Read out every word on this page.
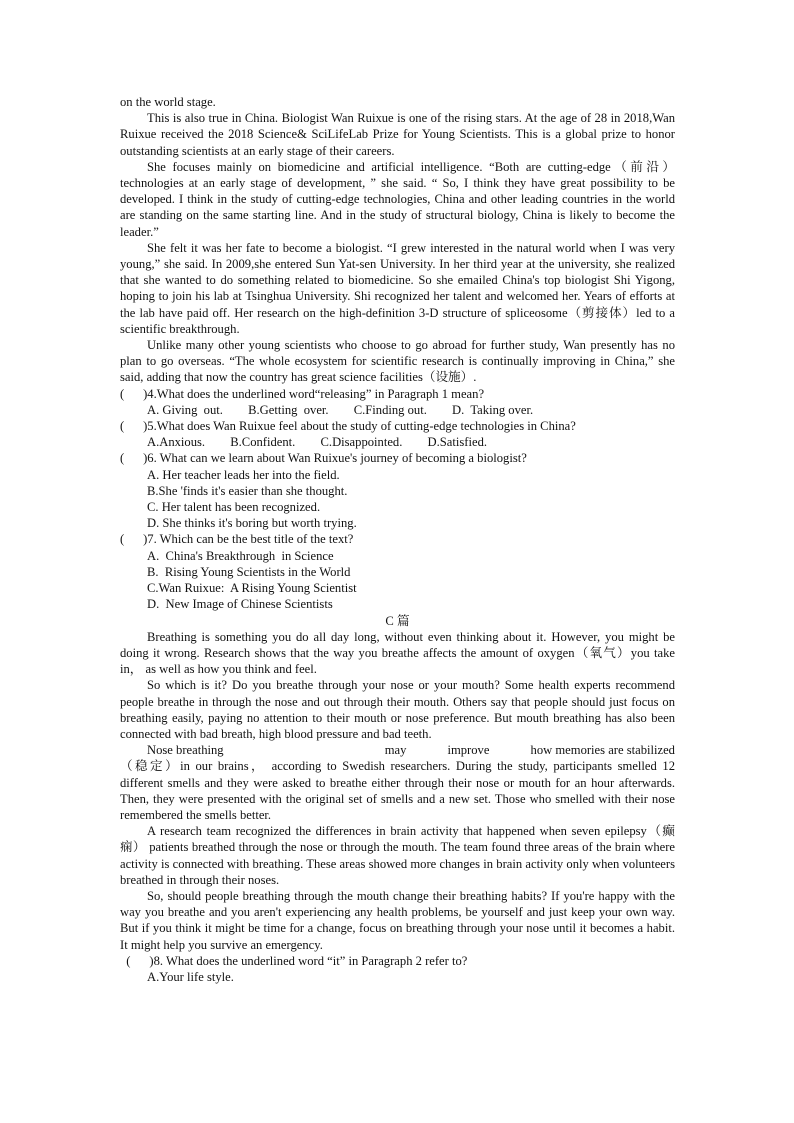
on the world stage.

This is also true in China. Biologist Wan Ruixue is one of the rising stars. At the age of 28 in 2018,Wan Ruixue received the 2018 Science& SciLifeLab Prize for Young Scientists. This is a global prize to honor outstanding scientists at an early stage of their careers.

She focuses mainly on biomedicine and artificial intelligence. “Both are cutting-edge（前沿）technologies at an early stage of development, ” she said. “ So, I think they have great possibility to be developed. I think in the study of cutting-edge technologies, China and other leading countries in the world are standing on the same starting line. And in the study of structural biology, China is likely to become the leader.”

She felt it was her fate to become a biologist. “I grew interested in the natural world when I was very young,” she said. In 2009,she entered Sun Yat-sen University. In her third year at the university, she realized that she wanted to do something related to biomedicine. So she emailed China's top biologist Shi Yigong, hoping to join his lab at Tsinghua University. Shi recognized her talent and welcomed her. Years of efforts at the lab have paid off. Her research on the high-definition 3-D structure of spliceosome（剪接体）led to a scientific breakthrough.

Unlike many other young scientists who choose to go abroad for further study, Wan presently has no plan to go overseas. “The whole ecosystem for scientific research is continually improving in China,” she said, adding that now the country has great science facilities（设施）.

(      )4.What does the underlined word“releasing” in Paragraph 1 mean?

A. Giving  out.        B.Getting  over.        C.Finding out.        D.  Taking over.

(      )5.What does Wan Ruixue feel about the study of cutting-edge technologies in China?

A.Anxious.        B.Confident.        C.Disappointed.        D.Satisfied.

(      )6. What can we learn about Wan Ruixue's journey of becoming a biologist?

A. Her teacher leads her into the field.

B.She 'finds it's easier than she thought.

C. Her talent has been recognized.

D. She thinks it's boring but worth trying.

(      )7. Which can be the best title of the text?

A.  China's Breakthrough  in Science

B.  Rising Young Scientists in the World

C.Wan Ruixue:  A Rising Young Scientist

D.  New Image of Chinese Scientists

C 篇

Breathing is something you do all day long, without even thinking about it. However, you might be doing it wrong. Research shows that the way you breathe affects the amount of oxygen（氧气）you take in， as well as how you think and feel.

So which is it? Do you breathe through your nose or your mouth? Some health experts recommend people breathe in through the nose and out through their mouth. Others say that people should just focus on breathing easily, paying no attention to their mouth or nose preference. But mouth breathing has also been connected with bad breath, high blood pressure and bad teeth.

Nose breathing	may	improve	how memories are stabilized

（稳定）in our brains， according to Swedish researchers. During the study, participants smelled 12 different smells and they were asked to breathe either through their nose or mouth for an hour afterwards. Then, they were presented with the original set of smells and a new set. Those who smelled with their nose remembered the smells better.

A research team recognized the differences in brain activity that happened when seven epilepsy（癫痫） patients breathed through the nose or through the mouth. The team found three areas of the brain where activity is connected with breathing. These areas showed more changes in brain activity only when volunteers breathed in through their noses.

So, should people breathing through the mouth change their breathing habits? If you're happy with the way you breathe and you aren't experiencing any health problems, be yourself and just keep your own way. But if you think it might be time for a change, focus on breathing through your nose until it becomes a habit. It might help you survive an emergency.

(      )8. What does the underlined word “it” in Paragraph 2 refer to?

A.Your life style.
